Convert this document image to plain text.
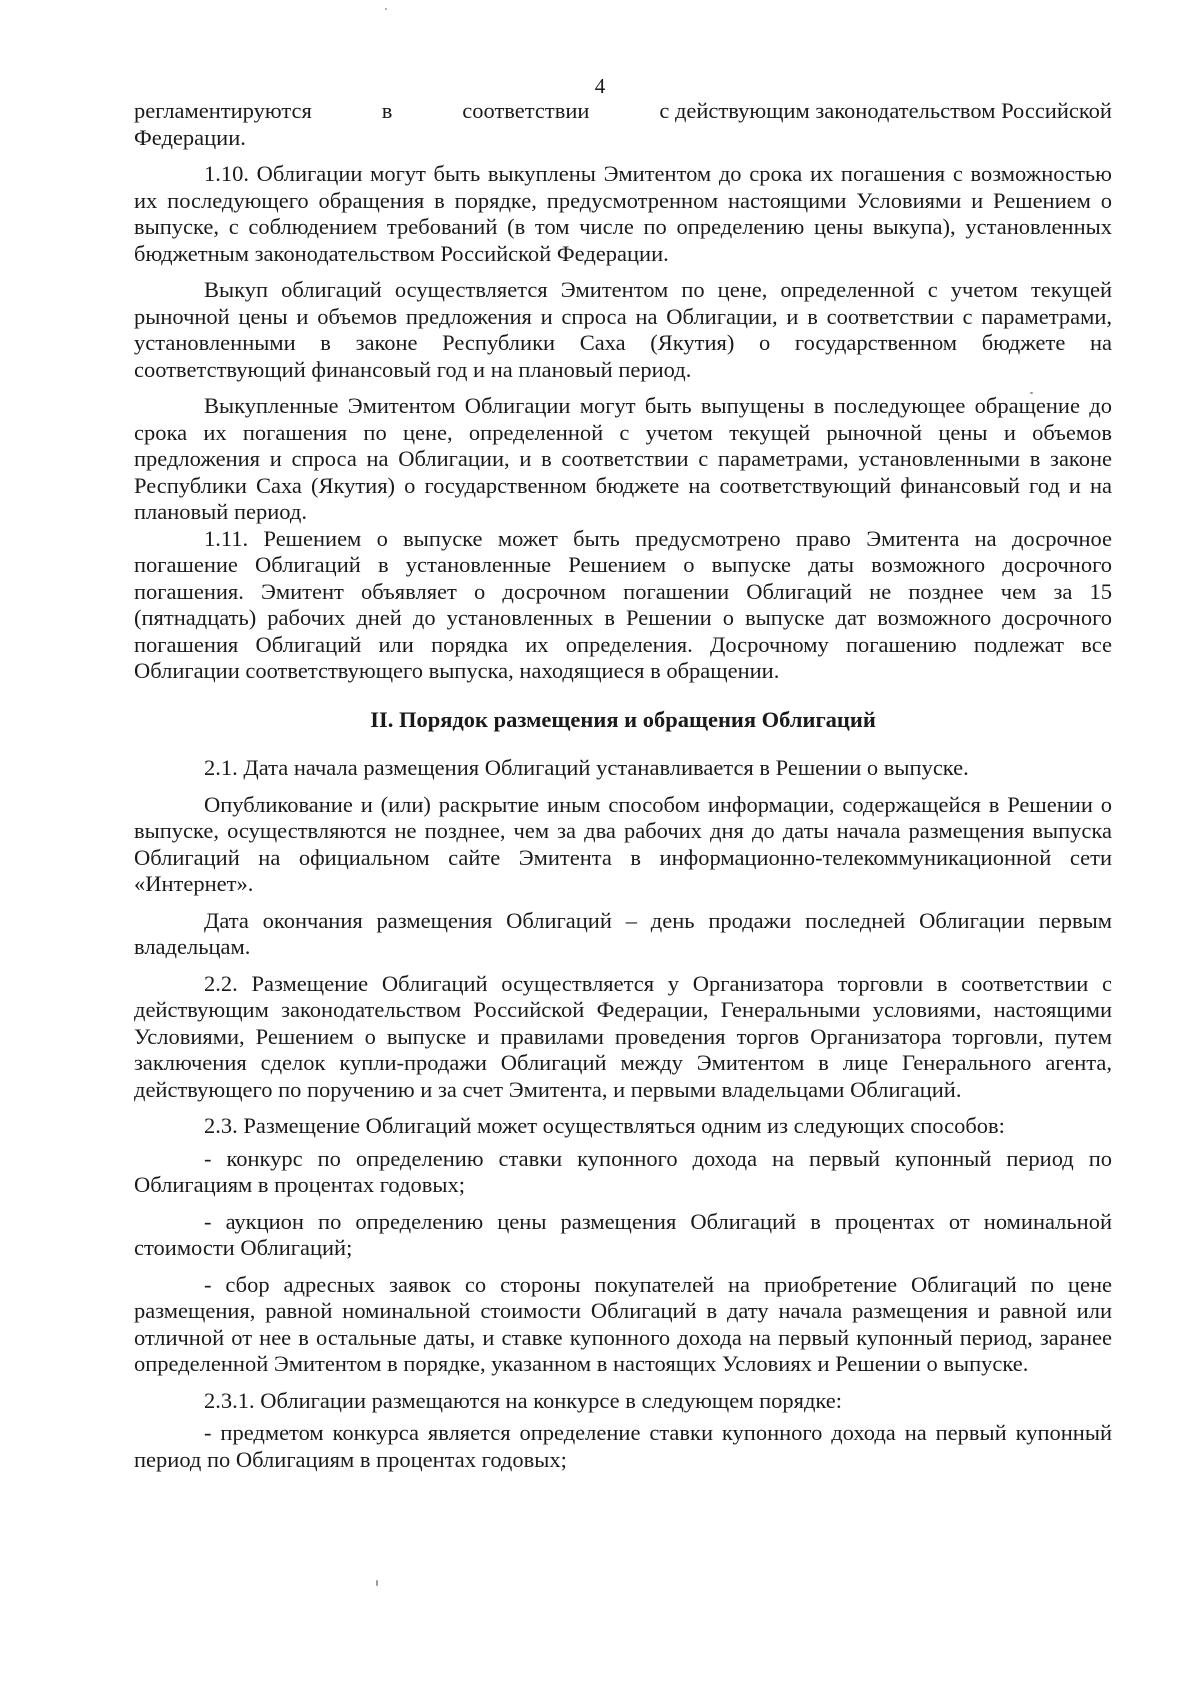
4
регламентируются	в	соответствии	с действующим законодательством Российской

Федерации.

1.10. Облигации могут быть выкуплены Эмитентом до срока их погашения с возможностью их последующего обращения в порядке, предусмотренном настоящими Условиями и Решением о выпуске, с соблюдением требований (в том числе по определению цены выкупа), установленных бюджетным законодательством Российской Федерации.

Выкуп облигаций осуществляется Эмитентом по цене, определенной с учетом текущей рыночной цены и объемов предложения и спроса на Облигации, и в соответствии с параметрами, установленными в законе Республики Саха (Якутия) о государственном бюджете на соответствующий финансовый год и на плановый период.

Выкупленные Эмитентом Облигации могут быть выпущены в последующее обращение до срока их погашения по цене, определенной с учетом текущей рыночной цены и объемов предложения и спроса на Облигации, и в соответствии с параметрами, установленными в законе Республики Саха (Якутия) о государственном бюджете на соответствующий финансовый год и на плановый период.

1.11. Решением о выпуске может быть предусмотрено право Эмитента на досрочное погашение Облигаций в установленные Решением о выпуске даты возможного досрочного погашения. Эмитент объявляет о досрочном погашении Облигаций не позднее чем за 15 (пятнадцать) рабочих дней до установленных в Решении о выпуске дат возможного досрочного погашения Облигаций или порядка их определения. Досрочному погашению подлежат все Облигации соответствующего выпуска, находящиеся в обращении.

II. Порядок размещения и обращения Облигаций

2.1. Дата начала размещения Облигаций устанавливается в Решении о выпуске.

Опубликование и (или) раскрытие иным способом информации, содержащейся в Решении о выпуске, осуществляются не позднее, чем за два рабочих дня до даты начала размещения выпуска Облигаций на официальном сайте Эмитента в информационно-телекоммуникационной сети «Интернет».

Дата окончания размещения Облигаций – день продажи последней Облигации первым владельцам.

2.2. Размещение Облигаций осуществляется у Организатора торговли в соответствии с действующим законодательством Российской Федерации, Генеральными условиями, настоящими Условиями, Решением о выпуске и правилами проведения торгов Организатора торговли, путем заключения сделок купли-продажи Облигаций между Эмитентом в лице Генерального агента, действующего по поручению и за счет Эмитента, и первыми владельцами Облигаций.

2.3. Размещение Облигаций может осуществляться одним из следующих способов:

- конкурс по определению ставки купонного дохода на первый купонный период по Облигациям в процентах годовых;

- аукцион по определению цены размещения Облигаций в процентах от номинальной стоимости Облигаций;

- сбор адресных заявок со стороны покупателей на приобретение Облигаций по цене размещения, равной номинальной стоимости Облигаций в дату начала размещения и равной или отличной от нее в остальные даты, и ставке купонного дохода на первый купонный период, заранее определенной Эмитентом в порядке, указанном в настоящих Условиях и Решении о выпуске.

2.3.1. Облигации размещаются на конкурсе в следующем порядке:

- предметом конкурса является определение ставки купонного дохода на первый купонный период по Облигациям в процентах годовых;
